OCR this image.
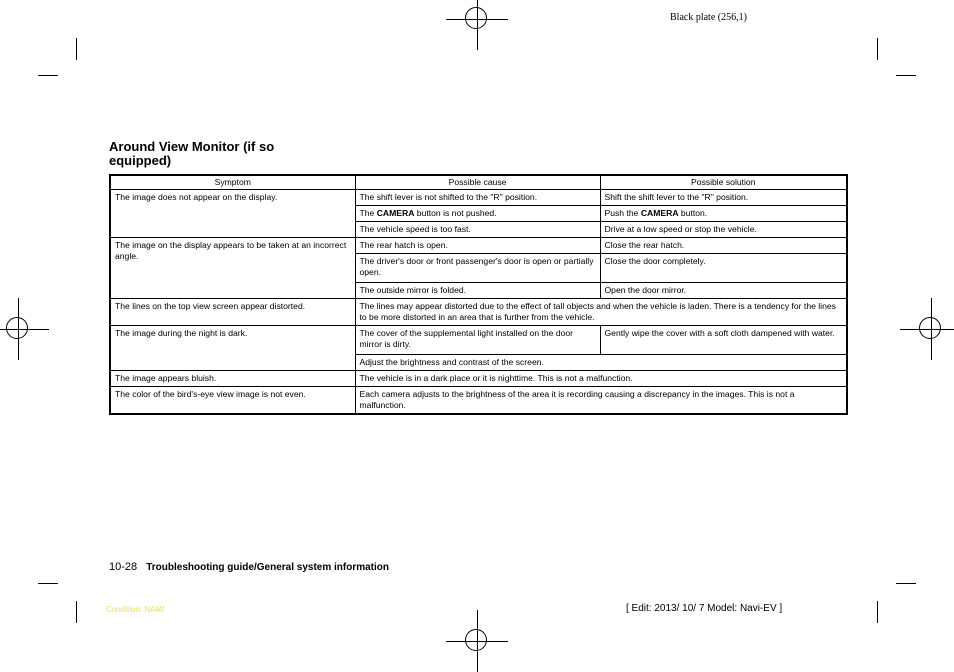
Black plate (256,1)
Around View Monitor (if so equipped)
Symptom	Possible cause	Possible solution
The image does not appear on the display.	The shift lever is not shifted to the "R" position.	Shift the shift lever to the "R" position.
	The CAMERA button is not pushed.	Push the CAMERA button.
	The vehicle speed is too fast.	Drive at a low speed or stop the vehicle.
The image on the display appears to be taken at an incorrect angle.	The rear hatch is open.	Close the rear hatch.
	The driver's door or front passenger's door is open or partially open.	Close the door completely.
	The outside mirror is folded.	Open the door mirror.
The lines on the top view screen appear distorted.	The lines may appear distorted due to the effect of tall objects and when the vehicle is laden. There is a tendency for the lines to be more distorted in an area that is further from the vehicle.	
The image during the night is dark.	The cover of the supplemental light installed on the door mirror is dirty.	Gently wipe the cover with a soft cloth dampened with water.
	Adjust the brightness and contrast of the screen.	
The image appears bluish.	The vehicle is in a dark place or it is nighttime. This is not a malfunction.	
The color of the bird's-eye view image is not even.	Each camera adjusts to the brightness of the area it is recording causing a discrepancy in the images. This is not a malfunction.	
10-28 Troubleshooting guide/General system information
Condition: NAM/	[ Edit: 2013/ 10/ 7 Model: Navi-EV ]
